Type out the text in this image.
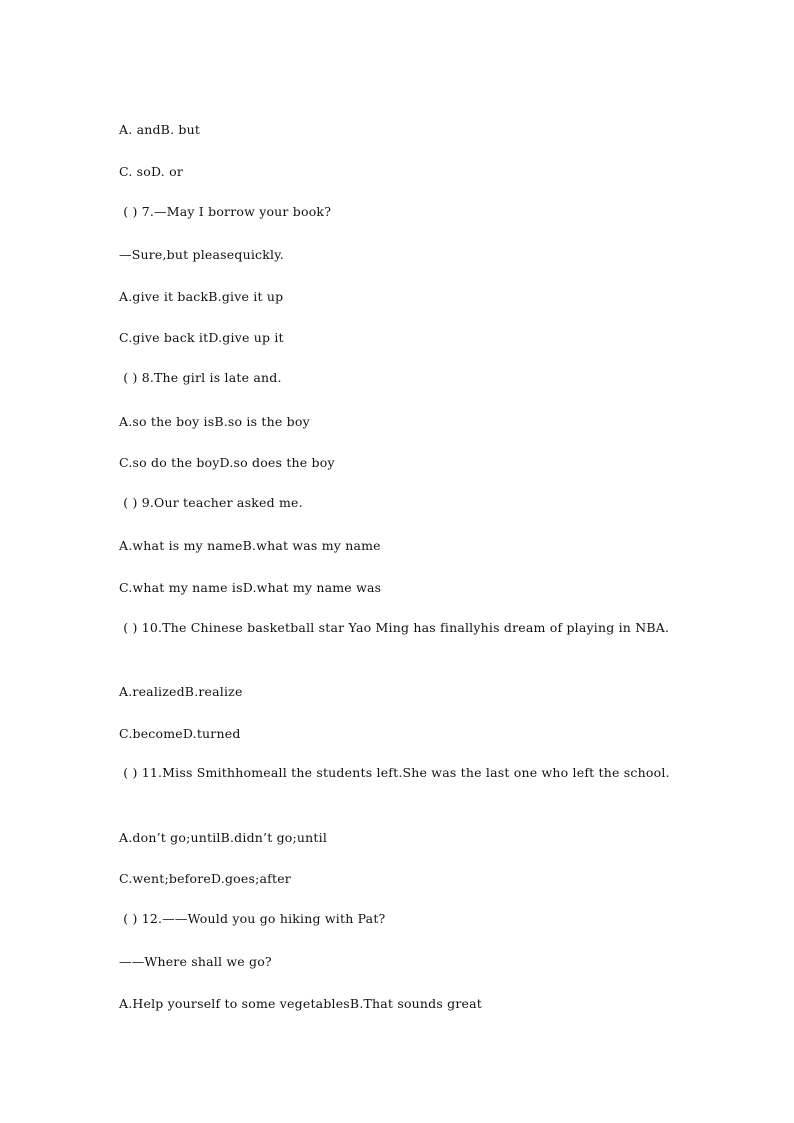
A. andB. but
C. soD. or
( ) 7.—May I borrow your book?
—Sure,but pleasequickly.
A.give it backB.give it up
C.give back itD.give up it
( ) 8.The girl is late and.
A.so the boy isB.so is the boy
C.so do the boyD.so does the boy
( ) 9.Our teacher asked me.
A.what is my nameB.what was my name
C.what my name isD.what my name was
( ) 10.The Chinese basketball star Yao Ming has finallyhis dream of playing in NBA.
A.realizedB.realize
C.becomeD.turned
( ) 11.Miss Smithhomeall the students left.She was the last one who left the school.
A.don’t go;untilB.didn’t go;until
C.went;beforeD.goes;after
( ) 12.——Would you go hiking with Pat?
——Where shall we go?
A.Help yourself to some vegetablesB.That sounds great
